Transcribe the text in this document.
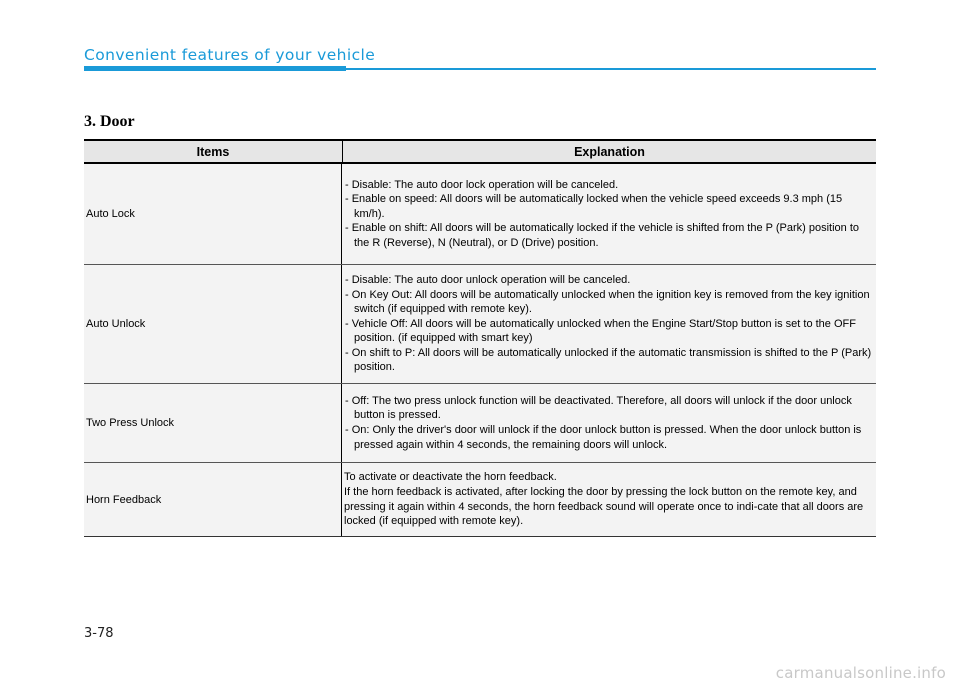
Convenient features of your vehicle
3. Door
Items	Explanation
Auto Lock
- Disable: The auto door lock operation will be canceled.
- Enable on speed: All doors will be automatically locked when the vehicle speed exceeds 9.3 mph (15 km/h).
- Enable on shift: All doors will be automatically locked if the vehicle is shifted from the P (Park) position to the R (Reverse), N (Neutral), or D (Drive) position.
Auto Unlock
- Disable: The auto door unlock operation will be canceled.
- On Key Out: All doors will be automatically unlocked when the ignition key is removed from the key ignition switch (if equipped with remote key).
- Vehicle Off: All doors will be automatically unlocked when the Engine Start/Stop button is set to the OFF position. (if equipped with smart key)
- On shift to P: All doors will be automatically unlocked if the automatic transmission is shifted to the P (Park) position.
Two Press Unlock
- Off: The two press unlock function will be deactivated. Therefore, all doors will unlock if the door unlock button is pressed.
- On: Only the driver's door will unlock if the door unlock button is pressed. When the door unlock button is pressed again within 4 seconds, the remaining doors will unlock.
Horn Feedback
To activate or deactivate the horn feedback.
If the horn feedback is activated, after locking the door by pressing the lock button on the remote key, and pressing it again within 4 seconds, the horn feedback sound will operate once to indi-cate that all doors are locked (if equipped with remote key).
3-78
carmanualsonline.info
